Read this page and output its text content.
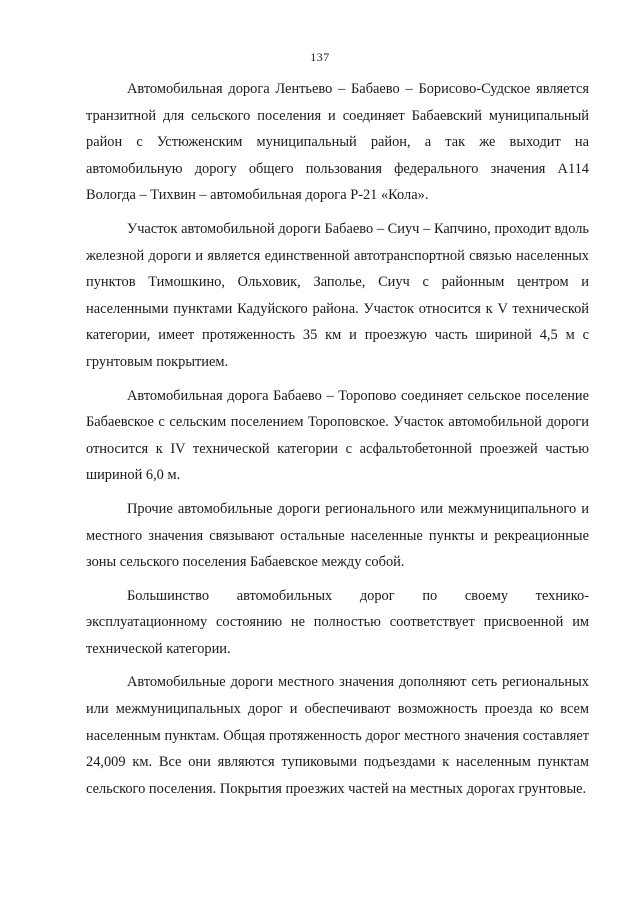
137

Автомобильная дорога Лентьево – Бабаево – Борисово-Судское является транзитной для сельского поселения и соединяет Бабаевский муниципальный район с Устюженским муниципальный район, а так же выходит на автомобильную дорогу общего пользования федерального значения А114 Вологда – Тихвин – автомобильная дорога Р-21 «Кола».

Участок автомобильной дороги Бабаево – Сиуч – Капчино, проходит вдоль железной дороги и является единственной автотранспортной связью населенных пунктов Тимошкино, Ольховик, Заполье, Сиуч с районным центром и населенными пунктами Кадуйского района. Участок относится к V технической категории, имеет протяженность 35 км и проезжую часть шириной 4,5 м с грунтовым покрытием.

Автомобильная дорога Бабаево – Торопово соединяет сельское поселение Бабаевское с сельским поселением Тороповское. Участок автомобильной дороги относится к IV технической категории с асфальтобетонной проезжей частью шириной 6,0 м.

Прочие автомобильные дороги регионального или межмуниципального и местного значения связывают остальные населенные пункты и рекреационные зоны сельского поселения Бабаевское между собой.

Большинство автомобильных дорог по своему технико-эксплуатационному состоянию не полностью соответствует присвоенной им технической категории.

Автомобильные дороги местного значения дополняют сеть региональных или межмуниципальных дорог и обеспечивают возможность проезда ко всем населенным пунктам. Общая протяженность дорог местного значения составляет 24,009 км. Все они являются тупиковыми подъездами к населенным пунктам сельского поселения. Покрытия проезжих частей на местных дорогах грунтовые.
